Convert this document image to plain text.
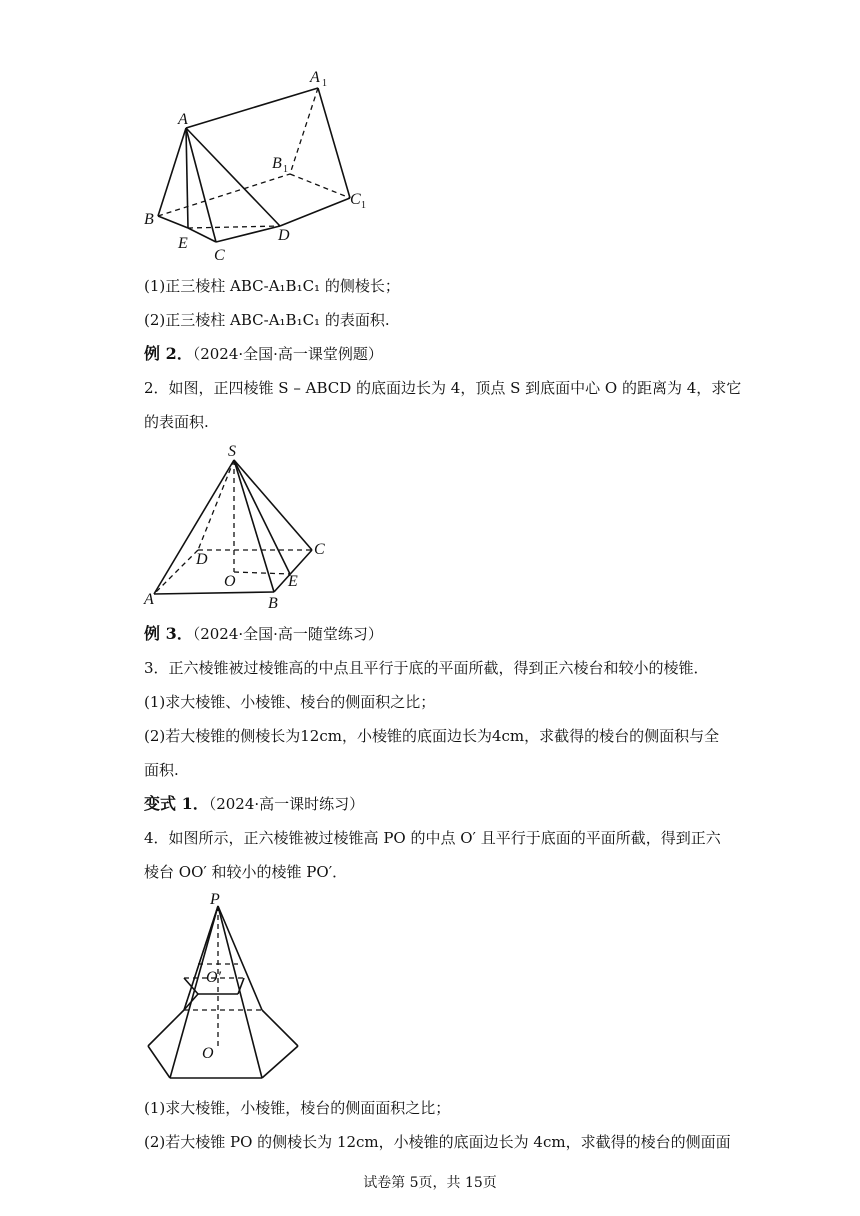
A 1
A
B 1
C 1
B
E	D
C
(1)正三棱柱 ABC-A₁B₁C₁ 的侧棱长；
(2)正三棱柱 ABC-A₁B₁C₁ 的表面积.
例 2．（2024·全国·高一课堂例题）
2．如图，正四棱锥 S – ABCD 的底面边长为 4，顶点 S 到底面中心 O 的距离为 4，求它
的表面积.
S
D
C
O	E
A	B
例 3．（2024·全国·高一随堂练习）
3．正六棱锥被过棱锥高的中点且平行于底的平面所截，得到正六棱台和较小的棱锥．
(1)求大棱锥、小棱锥、棱台的侧面积之比；
(2)若大棱锥的侧棱长为12cm，小棱锥的底面边长为4cm，求截得的棱台的侧面积与全
面积.
变式 1．（2024·高一课时练习）
4．如图所示，正六棱锥被过棱锥高 PO 的中点 O′ 且平行于底面的平面所截，得到正六
棱台 OO′ 和较小的棱锥 PO′．
P
O′
O
(1)求大棱锥，小棱锥，棱台的侧面面积之比；
(2)若大棱锥 PO 的侧棱长为 12cm，小棱锥的底面边长为 4cm，求截得的棱台的侧面面
试卷第 5页，共 15页
